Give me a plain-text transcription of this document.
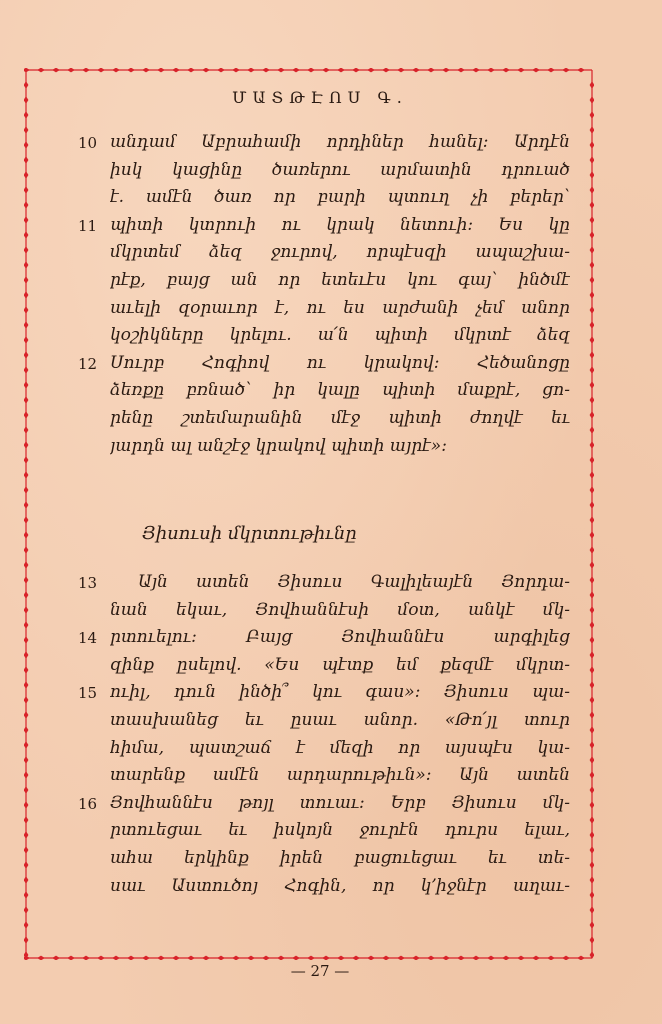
ՄԱՏԹԷՈՍ Գ.
10 անդամ Աբրահամի որդիներ հանել: Արդէն
իսկ կացինը ծառերու արմատին դրուած
է. ամէն ծառ որ բարի պտուղ չի բերեր՝
11 պիտի կտրուի ու կրակ նետուի: Ես կը
մկրտեմ ձեզ ջուրով, որպէսզի ապաշխա-
րէք, բայց ան որ ետեւէս կու գայ՝ ինծմէ
աւելի զօրաւոր է, ու ես արժանի չեմ անոր
կօշիկները կրելու. ա՛ն պիտի մկրտէ ձեզ
12 Սուրբ Հոգիով ու կրակով: Հեծանոցը
ձեռքը բռնած՝ իր կալը պիտի մաքրէ, ցո-
րենը շտեմարանին մէջ պիտի ժողվէ եւ
յարդն ալ անշէջ կրակով պիտի այրէ»:
Յիսուսի մկրտութիւնը
13	Այն ատեն Յիսուս Գալիլեայէն Յորդա-
նան եկաւ, Յովհաննէսի մօտ, անկէ մկ-
14 րտուելու: Բայց Յովհաննէս արգիլեց
զինք ըսելով. «Ես պէտք եմ քեզմէ մկրտ-
15 ուիլ, դուն ինծի՞ կու գաս»: Յիսուս պա-
տասխանեց եւ ըսաւ անոր. «Թո՛յլ տուր
հիմա, պատշաճ է մեզի որ այսպէս կա-
տարենք ամէն արդարութիւն»: Այն ատեն
16 Յովհաննէս թոյլ տուաւ: Երբ Յիսուս մկ-
րտուեցաւ եւ իսկոյն ջուրէն դուրս ելաւ,
ահա երկինք իրեն բացուեցաւ եւ տե-
սաւ Աստուծոյ Հոգին, որ կ՚իջնէր աղաւ-
— 27 —
